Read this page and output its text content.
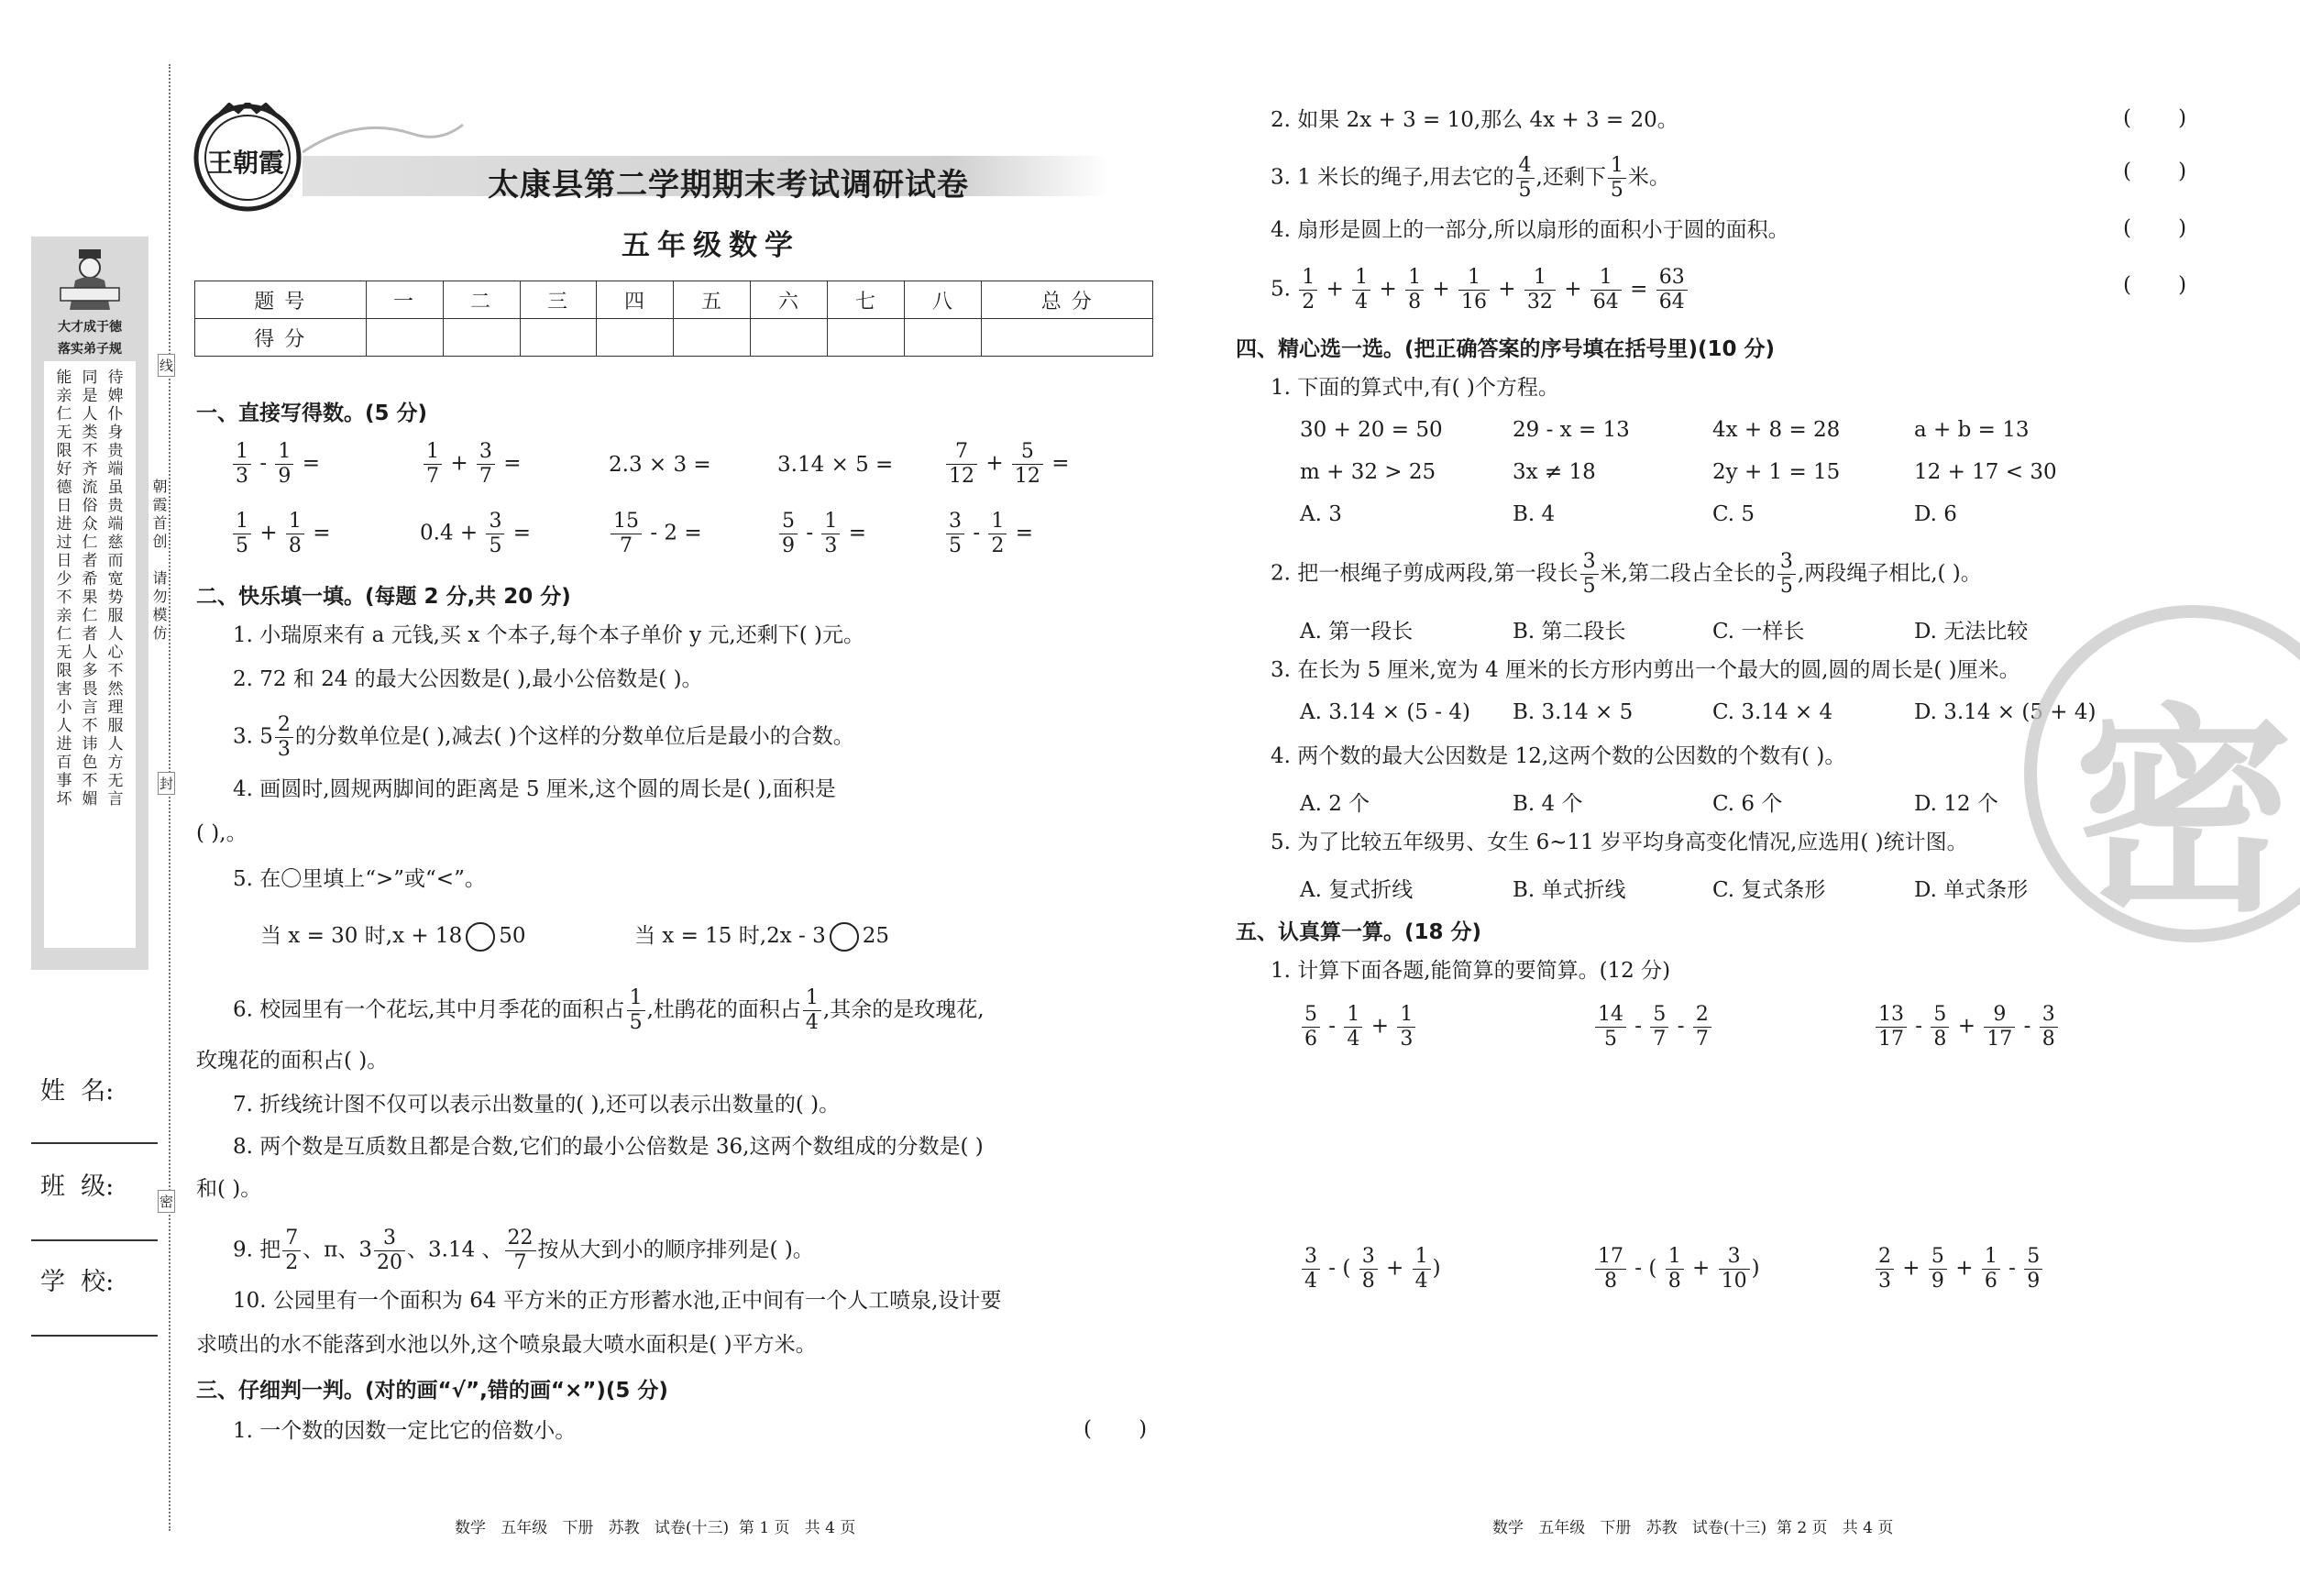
大才成于徳
落实弟子规
能亲仁无限好德日进过日少不亲仁无限害小人进百事坏
同是人类不齐流俗众仁者希果仁者人多畏言不讳色不媚
待婢仆身贵端虽贵端慈而宽势服人心不然理服人方无言
朝霞首创
请勿模仿
线
封
密
姓  名:
班  级:
学  校:
王朝霞
太康县第二学期期末考试调研试卷
五年级数学
题 号	一	二	三	四	五	六	七	八	总 分
得 分									
一、直接写得数。(5 分)
$\frac{1}{3} - \frac{1}{9}$ =	$\frac{1}{7} + \frac{3}{7}$ =	2.3 × 3 =	3.14 × 5 =	$\frac{7}{12} + \frac{5}{12}$ =
$\frac{1}{5} + \frac{1}{8}$ =	$0.4 + \frac{3}{5}$ =	$\frac{15}{7} - 2$ =	$\frac{5}{9} - \frac{1}{3}$ =	$\frac{3}{5} - \frac{1}{2}$ =
二、快乐填一填。(每题 2 分,共 20 分)
1. 小瑞原来有 a 元钱,买 x 个本子,每个本子单价 y 元,还剩下( )元。
2. 72 和 24 的最大公因数是( ),最小公倍数是( )。
3. $5 \frac{2}{3}$ 的分数单位是( ),减去( )个这样的分数单位后是最小的合数。
4. 画圆时,圆规两脚间的距离是 5 厘米,这个圆的周长是( ),面积是
( ),。
5. 在〇里填上“>”或“<”。
当 x = 30 时,x + 18 50	当 x = 15 时,2x - 3 25
6. 校园里有一个花坛,其中月季花的面积占 $\frac{1}{5}$ ,杜鹃花的面积占 $\frac{1}{4}$ ,其余的是玫瑰花,
玫瑰花的面积占( )。
7. 折线统计图不仅可以表示出数量的( ),还可以表示出数量的( )。
8. 两个数是互质数且都是合数,它们的最小公倍数是 36,这两个数组成的分数是( )
和( )。
9. 把 $\frac{7}{2}$ 、π、$3 \frac{3}{20}$ 、3.14 、 $\frac{22}{7}$ 按从大到小的顺序排列是( )。
10. 公园里有一个面积为 64 平方米的正方形蓄水池,正中间有一个人工喷泉,设计要
求喷出的水不能落到水池以外,这个喷泉最大喷水面积是( )平方米。
三、仔细判一判。(对的画“√”,错的画“×”)(5 分)
1. 一个数的因数一定比它的倍数小。	(       )
2. 如果 2x + 3 = 10,那么 4x + 3 = 20。	(       )
3. 1 米长的绳子,用去它的 $\frac{4}{5}$ ,还剩下 $\frac{1}{5}$ 米。	(       )
4. 扇形是圆上的一部分,所以扇形的面积小于圆的面积。	(       )
5. $\frac{1}{2} + \frac{1}{4} + \frac{1}{8} + \frac{1}{16} + \frac{1}{32} + \frac{1}{64} = \frac{63}{64}$	(       )
四、精心选一选。(把正确答案的序号填在括号里)(10 分)
1. 下面的算式中,有( )个方程。
30 + 20 = 50	29 - x = 13	4x + 8 = 28	a + b = 13
m + 32 > 25	3x ≠ 18	2y + 1 = 15	12 + 17 < 30
A. 3	B. 4	C. 5	D. 6
2. 把一根绳子剪成两段,第一段长 $\frac{3}{5}$ 米,第二段占全长的 $\frac{3}{5}$ ,两段绳子相比,( )。
A. 第一段长	B. 第二段长	C. 一样长	D. 无法比较
3. 在长为 5 厘米,宽为 4 厘米的长方形内剪出一个最大的圆,圆的周长是( )厘米。
A. 3.14 × (5 - 4) B. 3.14 × 5	C. 3.14 × 4	D. 3.14 × (5 + 4)
4. 两个数的最大公因数是 12,这两个数的公因数的个数有( )。
A. 2 个	B. 4 个	C. 6 个	D. 12 个
5. 为了比较五年级男、女生 6~11 岁平均身高变化情况,应选用( )统计图。
A. 复式折线	B. 单式折线	C. 复式条形	D. 单式条形
五、认真算一算。(18 分)
1. 计算下面各题,能简算的要简算。(12 分)
$\frac{5}{6} - \frac{1}{4} + \frac{1}{3}$	$\frac{14}{5} - \frac{5}{7} - \frac{2}{7}$	$\frac{13}{17} - \frac{5}{8} + \frac{9}{17} - \frac{3}{8}$
$\frac{3}{4}$ - ( $\frac{3}{8} + \frac{1}{4}$ )	$\frac{17}{8}$ - ( $\frac{1}{8} + \frac{3}{10}$ )	$\frac{2}{3} + \frac{5}{9} + \frac{1}{6} - \frac{5}{9}$
密
数学   五年级   下册   苏教   试卷(十三)  第 1 页   共 4 页	数学   五年级   下册   苏教   试卷(十三)  第 2 页   共 4 页
